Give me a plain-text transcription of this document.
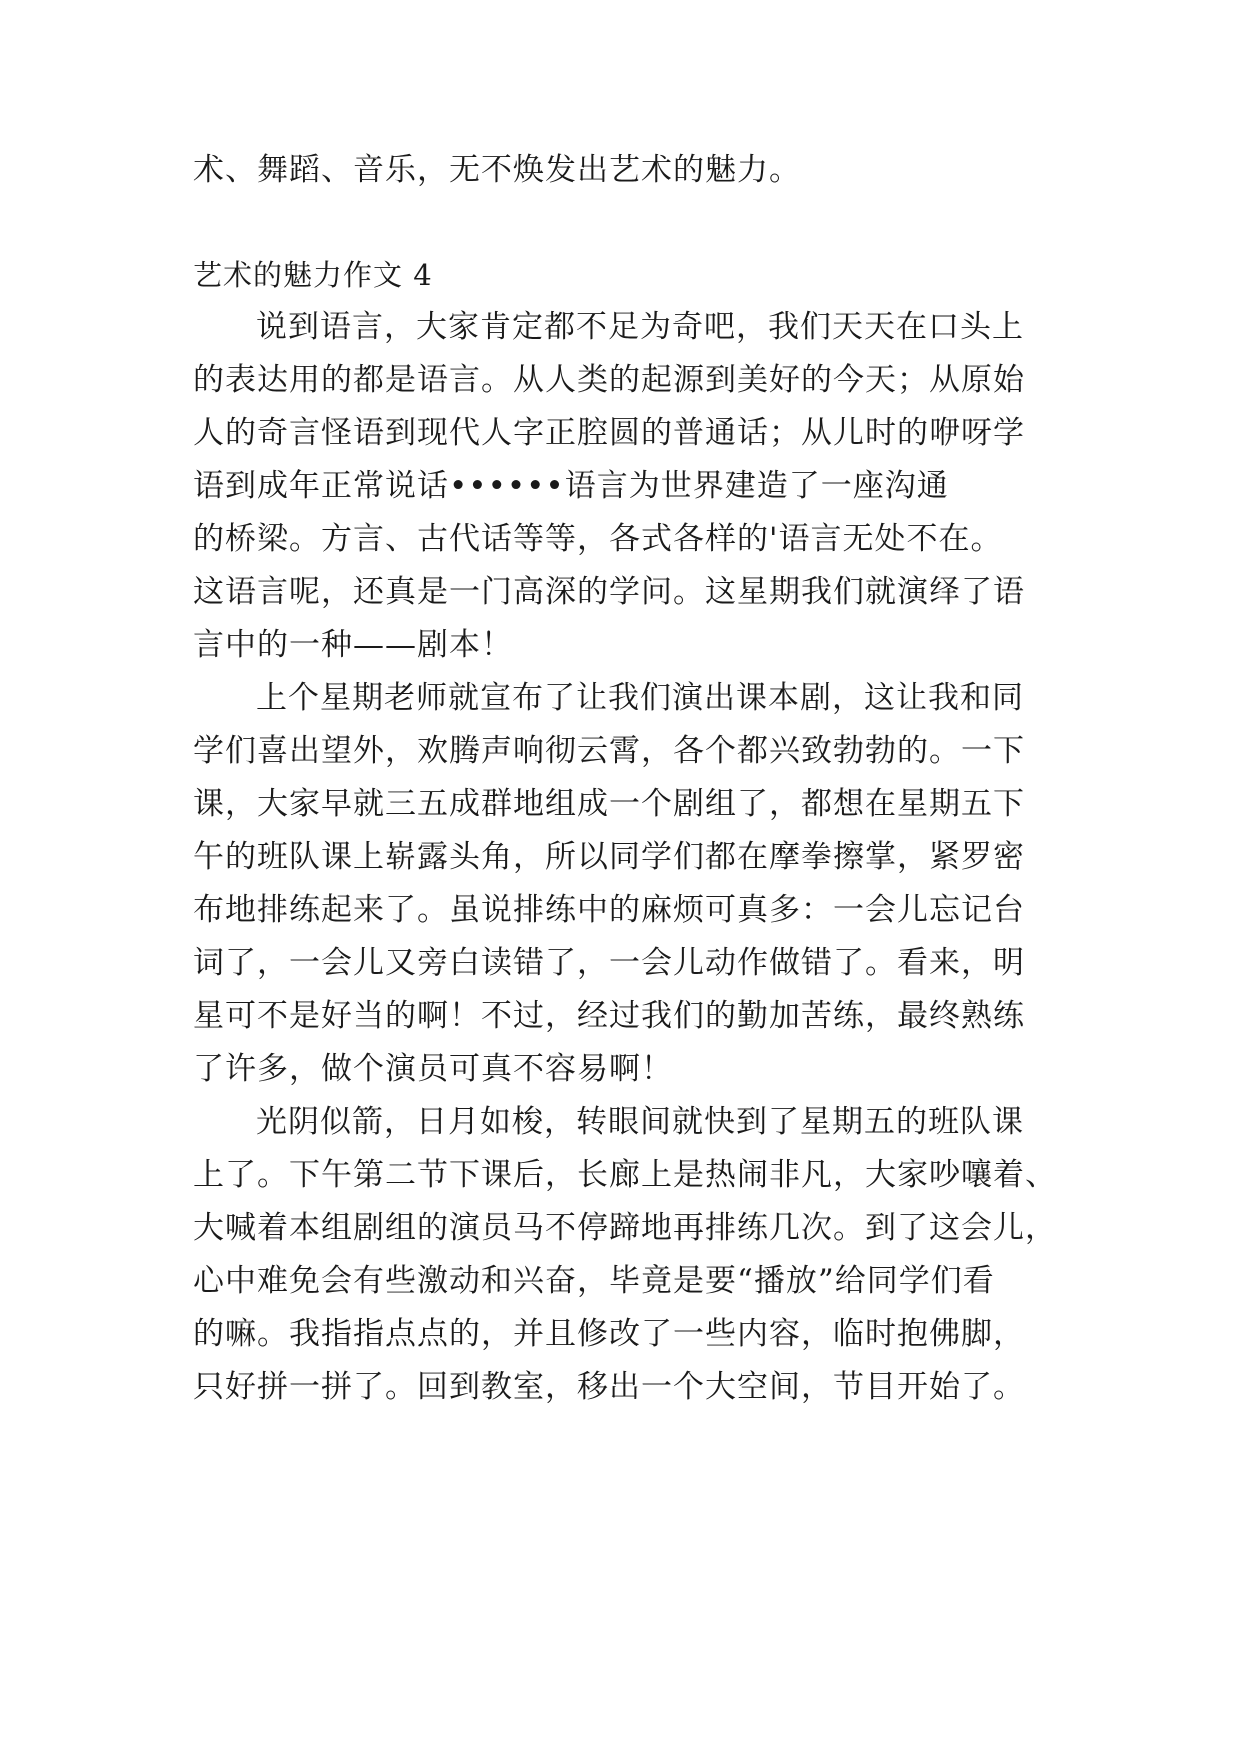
术、舞蹈、音乐，无不焕发出艺术的魅力。
艺术的魅力作文 4
说到语言，大家肯定都不足为奇吧，我们天天在口头上
的表达用的都是语言。从人类的起源到美好的今天；从原始
人的奇言怪语到现代人字正腔圆的普通话；从儿时的咿呀学
语到成年正常说话••••••语言为世界建造了一座沟通
的桥梁。方言、古代话等等，各式各样的'语言无处不在。
这语言呢，还真是一门高深的学问。这星期我们就演绎了语
言中的一种——剧本！
上个星期老师就宣布了让我们演出课本剧，这让我和同
学们喜出望外，欢腾声响彻云霄，各个都兴致勃勃的。一下
课，大家早就三五成群地组成一个剧组了，都想在星期五下
午的班队课上崭露头角，所以同学们都在摩拳擦掌，紧罗密
布地排练起来了。虽说排练中的麻烦可真多：一会儿忘记台
词了，一会儿又旁白读错了，一会儿动作做错了。看来，明
星可不是好当的啊！不过，经过我们的勤加苦练，最终熟练
了许多，做个演员可真不容易啊！
光阴似箭，日月如梭，转眼间就快到了星期五的班队课
上了。下午第二节下课后，长廊上是热闹非凡，大家吵嚷着、
大喊着本组剧组的演员马不停蹄地再排练几次。到了这会儿，
心中难免会有些激动和兴奋，毕竟是要“播放”给同学们看
的嘛。我指指点点的，并且修改了一些内容，临时抱佛脚，
只好拼一拼了。回到教室，移出一个大空间，节目开始了。
